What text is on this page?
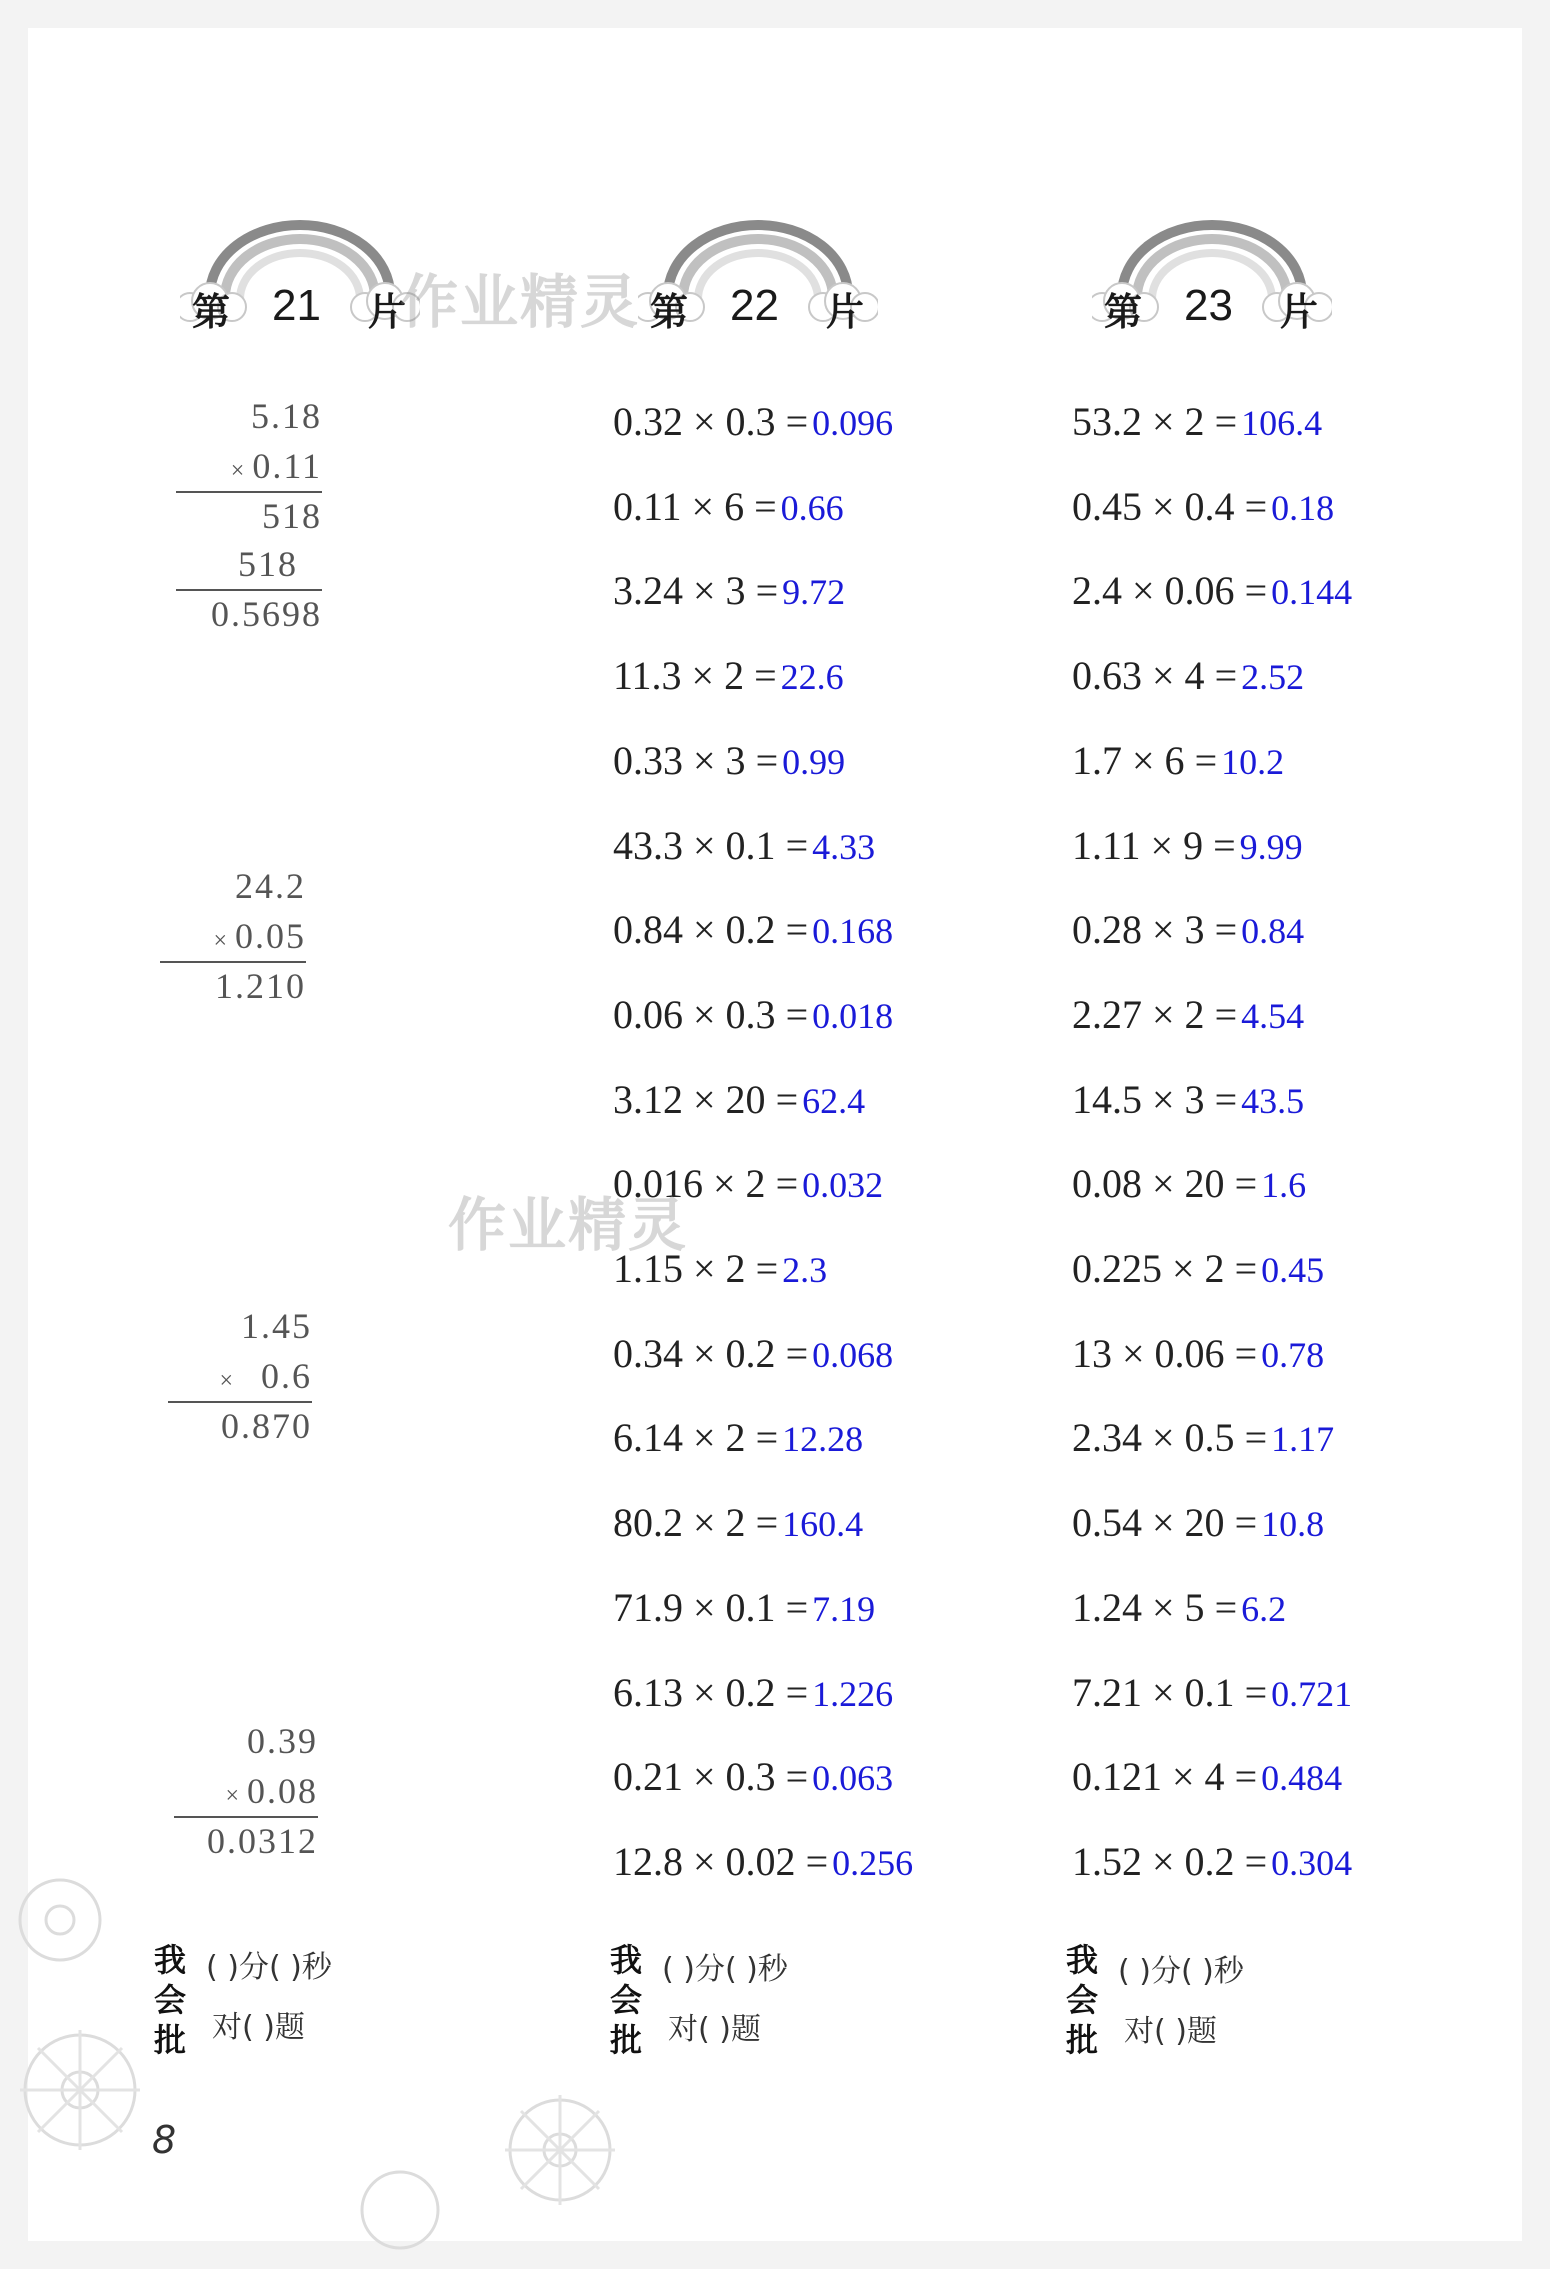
第 21 片	第 22 片	第 23 片
5.18
× 0.11
518
518
0.5698
24.2
× 0.05
1.210
1.45
× 0.6
0.870
0.39
× 0.08
0.0312
0.32 × 0.3 = 0.096
0.11 × 6 = 0.66
3.24 × 3 = 9.72
11.3 × 2 = 22.6
0.33 × 3 = 0.99
43.3 × 0.1 = 4.33
0.84 × 0.2 = 0.168
0.06 × 0.3 = 0.018
3.12 × 20 = 62.4
0.016 × 2 = 0.032
1.15 × 2 = 2.3
0.34 × 0.2 = 0.068
6.14 × 2 = 12.28
80.2 × 2 = 160.4
71.9 × 0.1 = 7.19
6.13 × 0.2 = 1.226
0.21 × 0.3 = 0.063
12.8 × 0.02 = 0.256
53.2 × 2 = 106.4
0.45 × 0.4 = 0.18
2.4 × 0.06 = 0.144
0.63 × 4 = 2.52
1.7 × 6 = 10.2
1.11 × 9 = 9.99
0.28 × 3 = 0.84
2.27 × 2 = 4.54
14.5 × 3 = 43.5
0.08 × 20 = 1.6
0.225 × 2 = 0.45
13 × 0.06 = 0.78
2.34 × 0.5 = 1.17
0.54 × 20 = 10.8
1.24 × 5 = 6.2
7.21 × 0.1 = 0.721
0.121 × 4 = 0.484
1.52 × 0.2 = 0.304
我
会
批
( )分( )秒
对( )题
我
会
批
( )分( )秒
对( )题
我
会
批
( )分( )秒
对( )题
8
作业精灵
作业精灵
